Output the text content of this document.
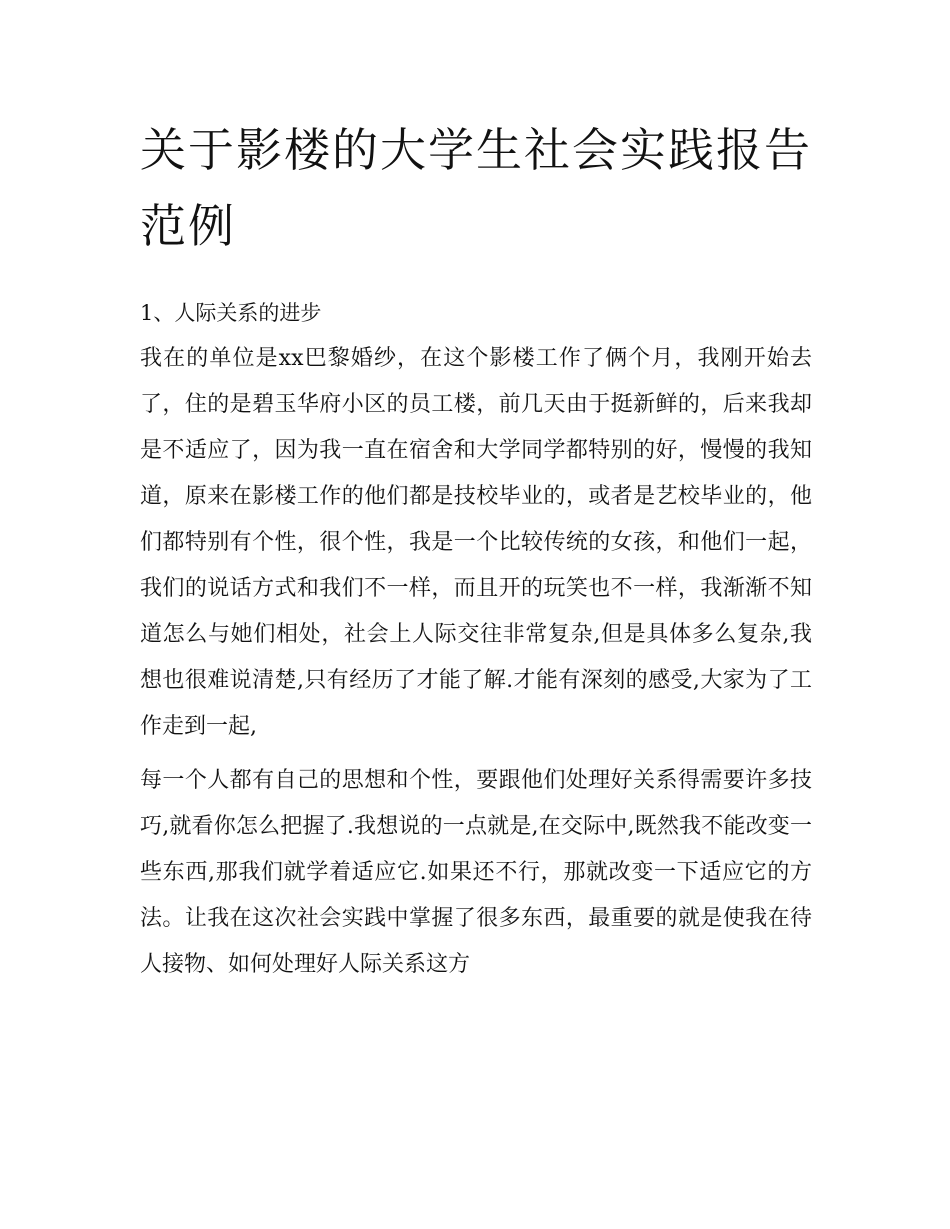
关于影楼的大学生社会实践报告范例
1、人际关系的进步

我在的单位是xx巴黎婚纱，在这个影楼工作了俩个月，我刚开始去了，住的是碧玉华府小区的员工楼，前几天由于挺新鲜的，后来我却是不适应了，因为我一直在宿舍和大学同学都特别的好，慢慢的我知道，原来在影楼工作的他们都是技校毕业的，或者是艺校毕业的，他们都特别有个性，很个性，我是一个比较传统的女孩，和他们一起，我们的说话方式和我们不一样，而且开的玩笑也不一样，我渐渐不知道怎么与她们相处，社会上人际交往非常复杂,但是具体多么复杂,我想也很难说清楚,只有经历了才能了解.才能有深刻的感受,大家为了工作走到一起,

每一个人都有自己的思想和个性，要跟他们处理好关系得需要许多技巧,就看你怎么把握了.我想说的一点就是,在交际中,既然我不能改变一些东西,那我们就学着适应它.如果还不行，那就改变一下适应它的方法。让我在这次社会实践中掌握了很多东西，最重要的就是使我在待人接物、如何处理好人际关系这方
